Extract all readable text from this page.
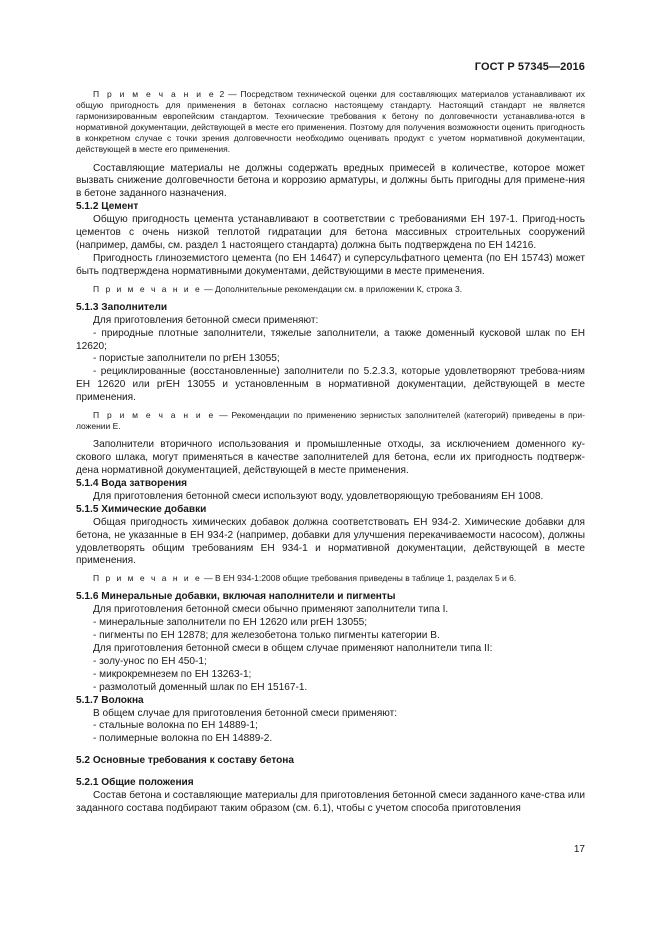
ГОСТ Р 57345—2016

П р и м е ч а н и е 2 — Посредством технической оценки для составляющих материалов устанавливают их общую пригодность для применения в бетонах согласно настоящему стандарту. Настоящий стандарт не является гармонизированным европейским стандартом. Технические требования к бетону по долговечности устанавлива-ются в нормативной документации, действующей в месте его применения. Поэтому для получения возможности оценить пригодность в конкретном случае с точки зрения долговечности необходимо оценивать продукт с учетом нормативной документации, действующей в месте его применения.

Составляющие материалы не должны содержать вредных примесей в количестве, которое может вызвать снижение долговечности бетона и коррозию арматуры, и должны быть пригодны для примене-ния в бетоне заданного назначения.

5.1.2 Цемент

Общую пригодность цемента устанавливают в соответствии с требованиями ЕН 197-1. Пригод-ность цементов с очень низкой теплотой гидратации для бетона массивных строительных сооружений (например, дамбы, см. раздел 1 настоящего стандарта) должна быть подтверждена по ЕН 14216.

Пригодность глиноземистого цемента (по ЕН 14647) и суперсульфатного цемента (по ЕН 15743) может быть подтверждена нормативными документами, действующими в месте применения.

П р и м е ч а н и е — Дополнительные рекомендации см. в приложении К, строка 3.

5.1.3 Заполнители

Для приготовления бетонной смеси применяют:

- природные плотные заполнители, тяжелые заполнители, а также доменный кусковой шлак по ЕН 12620;

- пористые заполнители по prЕН 13055;

- рециклированные (восстановленные) заполнители по 5.2.3.3, которые удовлетворяют требова-ниям ЕН 12620 или prЕН 13055 и установленным в нормативной документации, действующей в месте применения.

П р и м е ч а н и е — Рекомендации по применению зернистых заполнителей (категорий) приведены в при-ложении Е.

Заполнители вторичного использования и промышленные отходы, за исключением доменного ку-скового шлака, могут применяться в качестве заполнителей для бетона, если их пригодность подтверж-дена нормативной документацией, действующей в месте применения.

5.1.4 Вода затворения

Для приготовления бетонной смеси используют воду, удовлетворяющую требованиям ЕН 1008.

5.1.5 Химические добавки

Общая пригодность химических добавок должна соответствовать ЕН 934-2. Химические добавки для бетона, не указанные в ЕН 934-2 (например, добавки для улучшения перекачиваемости насосом), должны удовлетворять общим требованиям ЕН 934-1 и нормативной документации, действующей в месте применения.

П р и м е ч а н и е — В ЕН 934-1:2008 общие требования приведены в таблице 1, разделах 5 и 6.

5.1.6 Минеральные добавки, включая наполнители и пигменты

Для приготовления бетонной смеси обычно применяют заполнители типа I.

- минеральные заполнители по ЕН 12620 или prЕН 13055;

- пигменты по ЕН 12878; для железобетона только пигменты категории В.

Для приготовления бетонной смеси в общем случае применяют наполнители типа II:

- золу-унос по ЕН 450-1;

- микрокремнезем по ЕН 13263-1;

- размолотый доменный шлак по ЕН 15167-1.

5.1.7 Волокна

В общем случае для приготовления бетонной смеси применяют:

- стальные волокна по ЕН 14889-1;

- полимерные волокна по ЕН 14889-2.

5.2 Основные требования к составу бетона

5.2.1 Общие положения

Состав бетона и составляющие материалы для приготовления бетонной смеси заданного каче-ства или заданного состава подбирают таким образом (см. 6.1), чтобы с учетом способа приготовления

17
